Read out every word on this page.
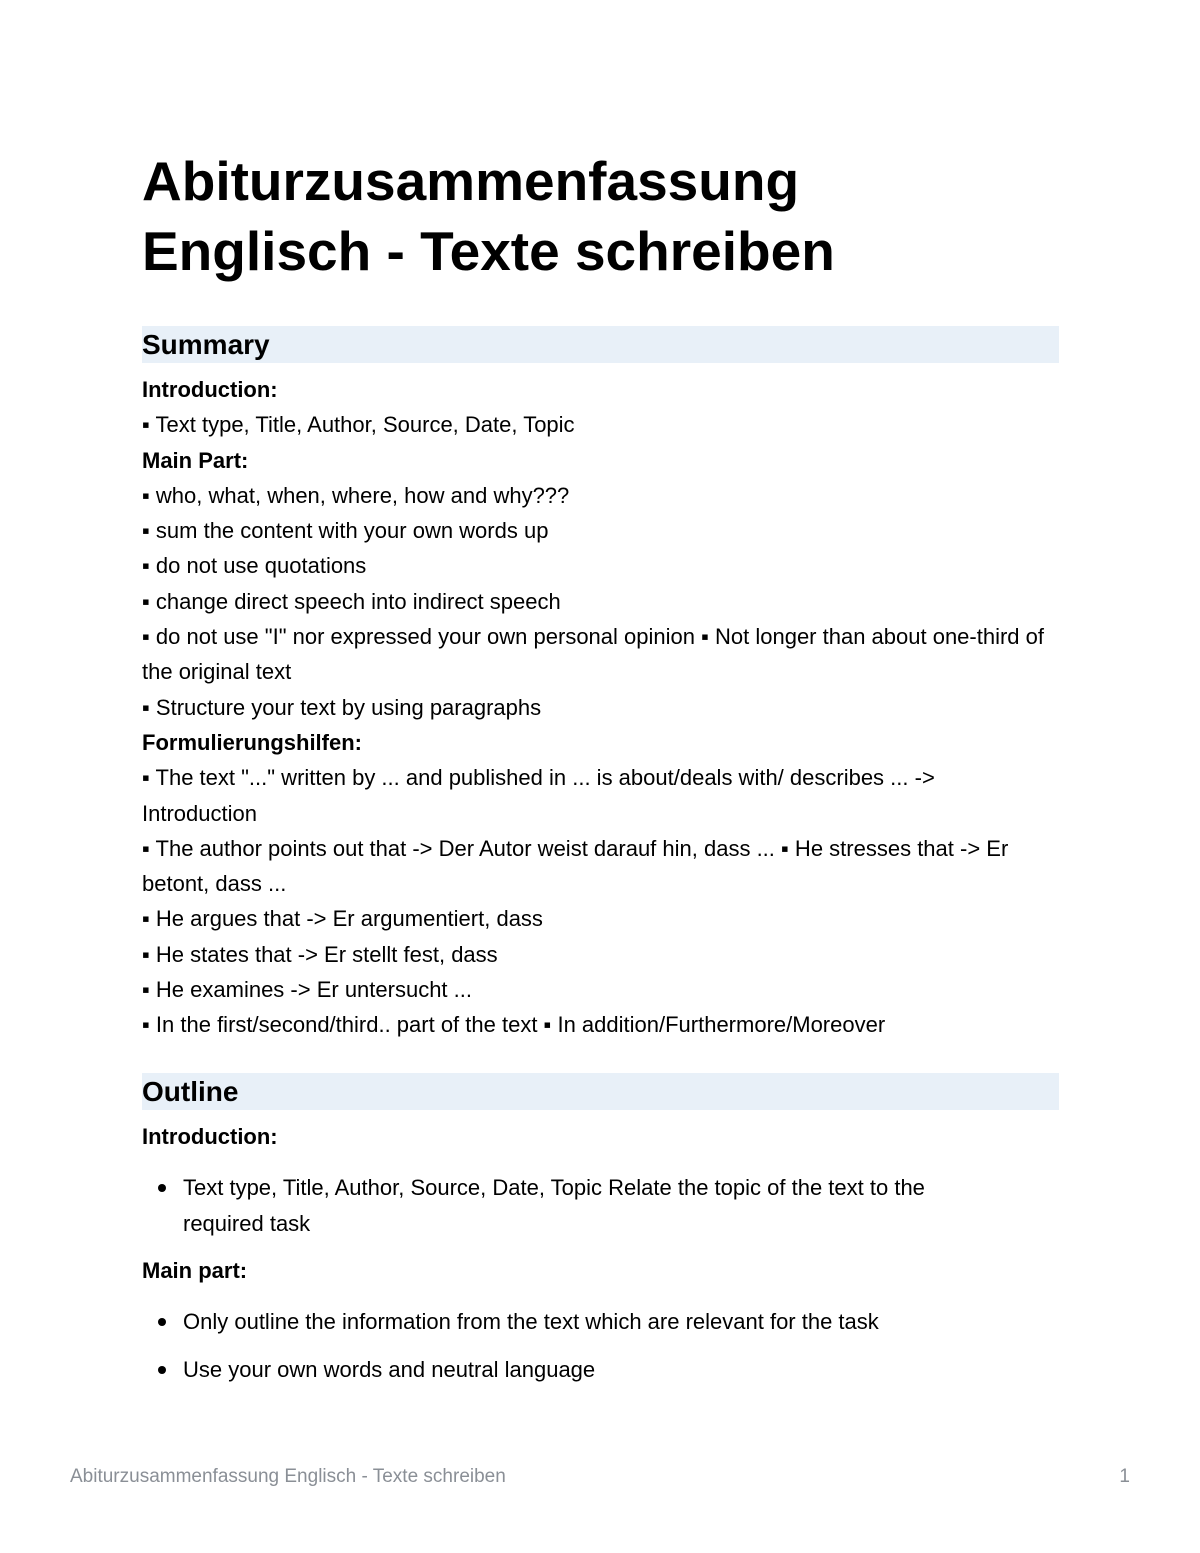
Abiturzusammenfassung
Englisch - Texte schreiben
Summary
Introduction:
▪ Text type, Title, Author, Source, Date, Topic
Main Part:
▪ who, what, when, where, how and why???
▪ sum the content with your own words up
▪ do not use quotations
▪ change direct speech into indirect speech
▪ do not use "I" nor expressed your own personal opinion ▪ Not longer than about one-third of the original text
▪ Structure your text by using paragraphs
Formulierungshilfen:
▪ The text "..." written by ... and published in ... is about/deals with/ describes ... -> Introduction
▪ The author points out that -> Der Autor weist darauf hin, dass ... ▪ He stresses that -> Er betont, dass ...
▪ He argues that -> Er argumentiert, dass
▪ He states that -> Er stellt fest, dass
▪ He examines -> Er untersucht ...
▪ In the first/second/third.. part of the text ▪ In addition/Furthermore/Moreover
Outline
Introduction:
Text type, Title, Author, Source, Date, Topic Relate the topic of the text to the required task
Main part:
Only outline the information from the text which are relevant for the task
Use your own words and neutral language
Abiturzusammenfassung Englisch - Texte schreiben	1
